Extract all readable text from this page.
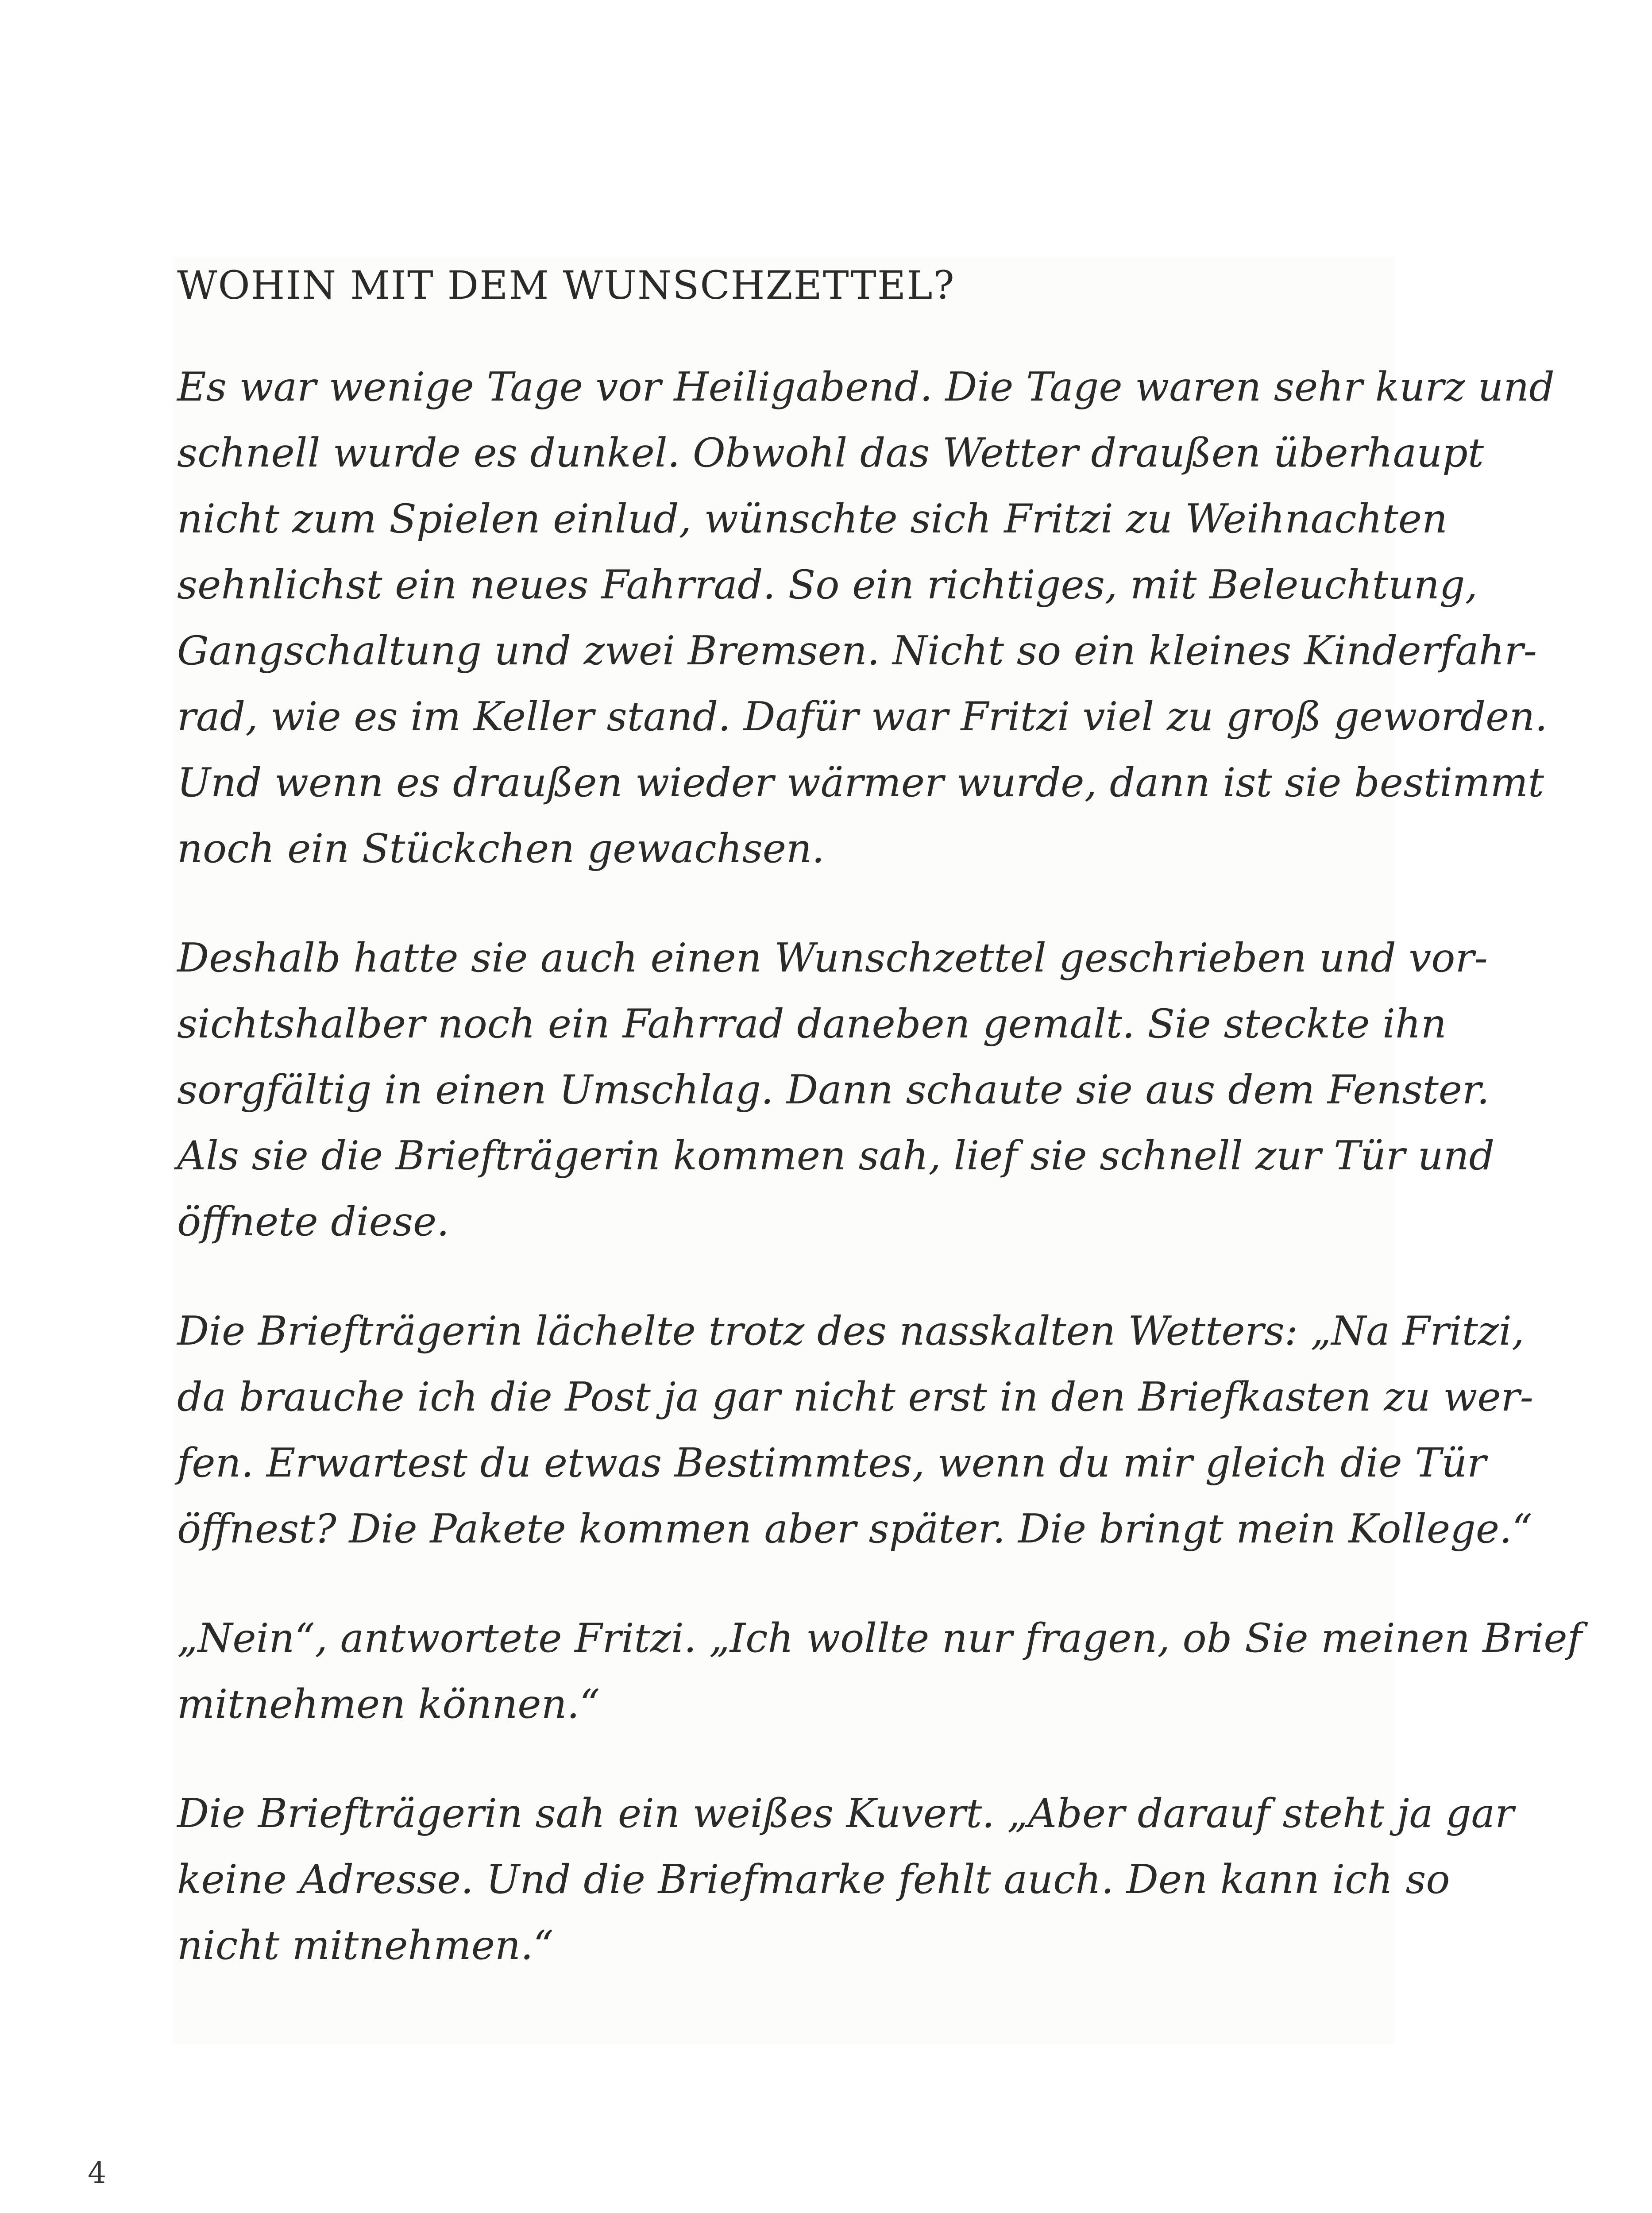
WOHIN MIT DEM WUNSCHZETTEL?

Es war wenige Tage vor Heiligabend. Die Tage waren sehr kurz und
schnell wurde es dunkel. Obwohl das Wetter draußen überhaupt
nicht zum Spielen einlud, wünschte sich Fritzi zu Weihnachten
sehnlichst ein neues Fahrrad. So ein richtiges, mit Beleuchtung,
Gangschaltung und zwei Bremsen. Nicht so ein kleines Kinderfahr-
rad, wie es im Keller stand. Dafür war Fritzi viel zu groß geworden.
Und wenn es draußen wieder wärmer wurde, dann ist sie bestimmt
noch ein Stückchen gewachsen.

Deshalb hatte sie auch einen Wunschzettel geschrieben und vor-
sichtshalber noch ein Fahrrad daneben gemalt. Sie steckte ihn
sorgfältig in einen Umschlag. Dann schaute sie aus dem Fenster.
Als sie die Briefträgerin kommen sah, lief sie schnell zur Tür und
öffnete diese.

Die Briefträgerin lächelte trotz des nasskalten Wetters: „Na Fritzi,
da brauche ich die Post ja gar nicht erst in den Briefkasten zu wer-
fen. Erwartest du etwas Bestimmtes, wenn du mir gleich die Tür
öffnest? Die Pakete kommen aber später. Die bringt mein Kollege.“

„Nein“, antwortete Fritzi. „Ich wollte nur fragen, ob Sie meinen Brief
mitnehmen können.“

Die Briefträgerin sah ein weißes Kuvert. „Aber darauf steht ja gar
keine Adresse. Und die Briefmarke fehlt auch. Den kann ich so
nicht mitnehmen.“

4
